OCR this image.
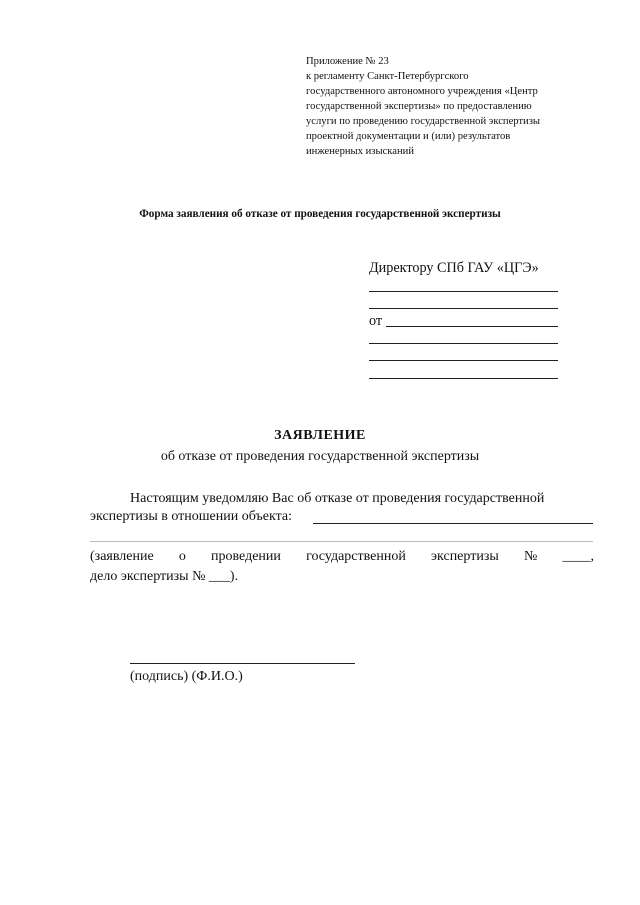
Приложение № 23
к регламенту Санкт-Петербургского
государственного автономного учреждения «Центр
государственной экспертизы» по предоставлению
услуги по проведению государственной экспертизы
проектной документации и (или) результатов
инженерных изысканий
Форма заявления об отказе от проведения государственной экспертизы
Директору СПб ГАУ «ЦГЭ»
от
ЗАЯВЛЕНИЕ
об отказе от проведения государственной экспертизы
Настоящим уведомляю Вас об отказе от проведения государственной
экспертизы в отношении объекта:
(заявление о проведении государственной экспертизы № ____,
дело экспертизы № ___).
(подпись) (Ф.И.О.)
